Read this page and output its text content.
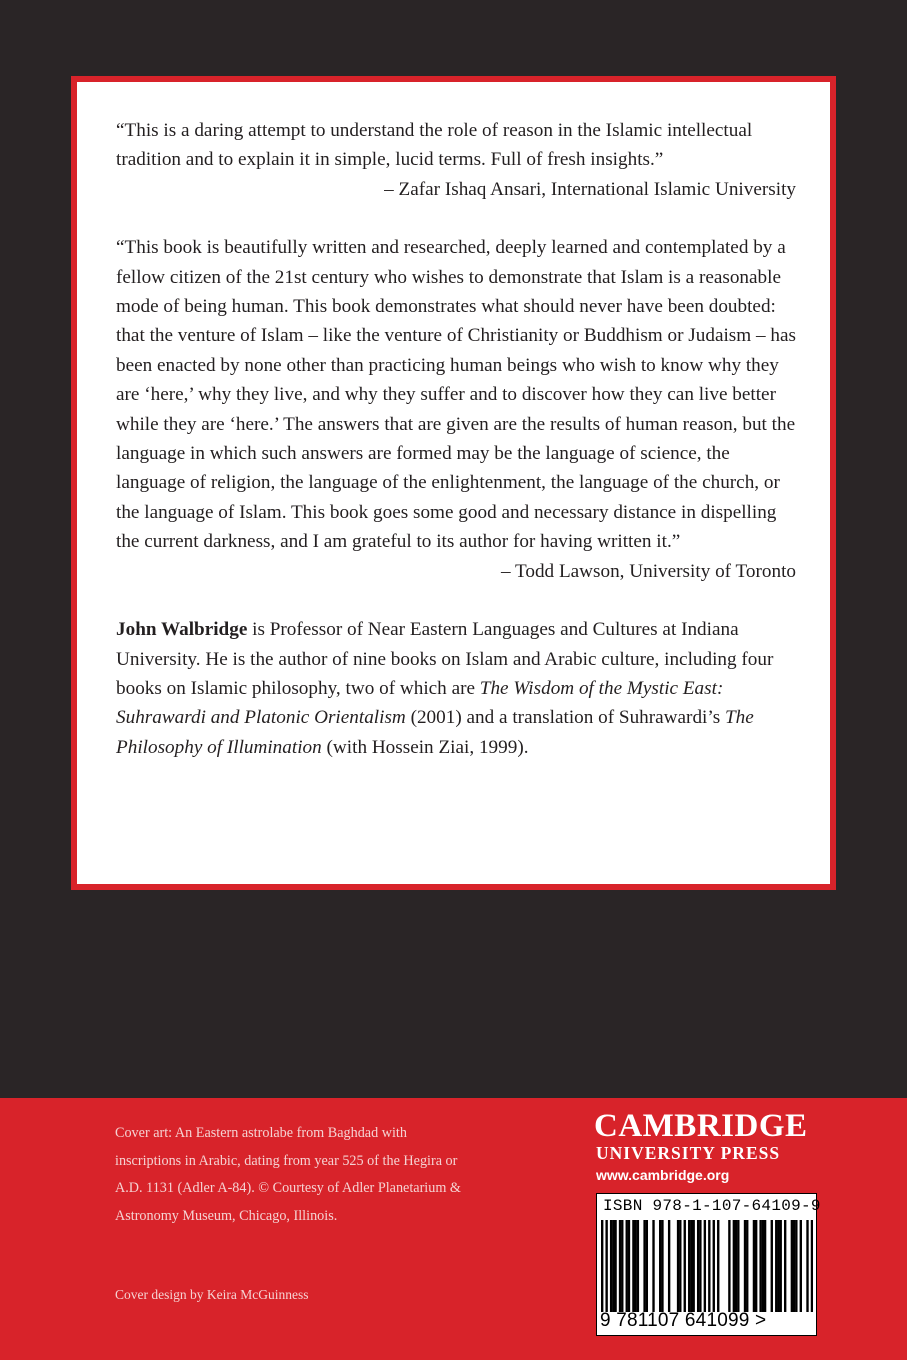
“This is a daring attempt to understand the role of reason in the Islamic intellectual tradition and to explain it in simple, lucid terms. Full of fresh insights.”

– Zafar Ishaq Ansari, International Islamic University

“This book is beautifully written and researched, deeply learned and contemplated by a fellow citizen of the 21st century who wishes to demonstrate that Islam is a reasonable mode of being human. This book demonstrates what should never have been doubted: that the venture of Islam – like the venture of Christianity or Buddhism or Judaism – has been enacted by none other than practicing human beings who wish to know why they are ‘here,’ why they live, and why they suffer and to discover how they can live better while they are ‘here.’ The answers that are given are the results of human reason, but the language in which such answers are formed may be the language of science, the language of religion, the language of the enlightenment, the language of the church, or the language of Islam. This book goes some good and necessary distance in dispelling the current darkness, and I am grateful to its author for having written it.”

– Todd Lawson, University of Toronto

John Walbridge is Professor of Near Eastern Languages and Cultures at Indiana University. He is the author of nine books on Islam and Arabic culture, including four books on Islamic philosophy, two of which are The Wisdom of the Mystic East: Suhrawardi and Platonic Orientalism (2001) and a translation of Suhrawardi’s The Philosophy of Illumination (with Hossein Ziai, 1999).

Cover art: An Eastern astrolabe from Baghdad with inscriptions in Arabic, dating from year 525 of the Hegira or A.D. 1131 (Adler A-84). © Courtesy of Adler Planetarium & Astronomy Museum, Chicago, Illinois.

Cover design by Keira McGuinness
CAMBRIDGE
UNIVERSITY PRESS
www.cambridge.org
ISBN 978-1-107-64109-9
9 781107 641099 >
